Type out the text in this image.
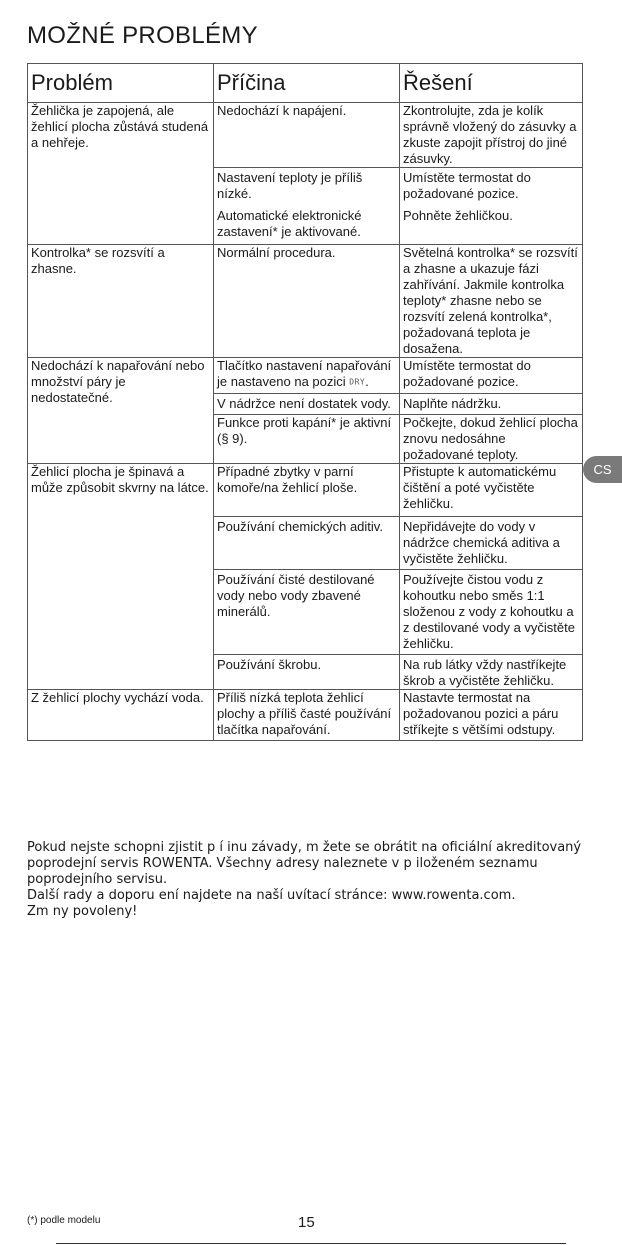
MOŽNÉ PROBLÉMY
Problém	Příčina	Řešení
Žehlička je zapojená, ale žehlicí plocha zůstává studená a nehřeje.	Nedochází k napájení.	Zkontrolujte, zda je kolík správně vložený do zásuvky a zkuste zapojit přístroj do jiné zásuvky.
	Nastavení teploty je příliš nízké.	Umístěte termostat do požadované pozice.
	Automatické elektronické zastavení* je aktivované.	Pohněte žehličkou.
Kontrolka* se rozsvítí a zhasne.	Normální procedura.	Světelná kontrolka* se rozsvítí a zhasne a ukazuje fázi zahřívání. Jakmile kontrolka teploty* zhasne nebo se rozsvítí zelená kontrolka*, požadovaná teplota je dosažena.
Nedochází k napařování nebo množství páry je nedostatečné.	Tlačítko nastavení napařování je nastaveno na pozici DRY.	Umístěte termostat do požadované pozice.
	V nádržce není dostatek vody.	Naplňte nádržku.
	Funkce proti kapání* je aktivní (§ 9).	Počkejte, dokud žehlicí plocha znovu nedosáhne požadované teploty.
Žehlicí plocha je špinavá a může způsobit skvrny na látce.	Případné zbytky v parní komoře/na žehlicí ploše.	Přistupte k automatickému čištění a poté vyčistěte žehličku.
	Používání chemických aditiv.	Nepřidávejte do vody v nádržce chemická aditiva a vyčistěte žehličku.
	Používání čisté destilované vody nebo vody zbavené minerálů.	Používejte čistou vodu z kohoutku nebo směs 1:1 složenou z vody z kohoutku a z destilované vody a vyčistěte žehličku.
	Používání škrobu.	Na rub látky vždy nastříkejte škrob a vyčistěte žehličku.
Z žehlicí plochy vychází voda.	Příliš nízká teplota žehlicí plochy a příliš časté používání tlačítka napařování.	Nastavte termostat na požadovanou pozici a páru stříkejte s většími odstupy.
CS

Pokud nejste schopni zjistit p í inu závady, m žete se obrátit na oficiální akreditovaný poprodejní servis ROWENTA. Všechny adresy naleznete v p iloženém seznamu poprodejního servisu.

Další rady a doporu ení najdete na naší uvítací stránce: www.rowenta.com.

Zm ny povoleny!

(*) podle modelu	15
